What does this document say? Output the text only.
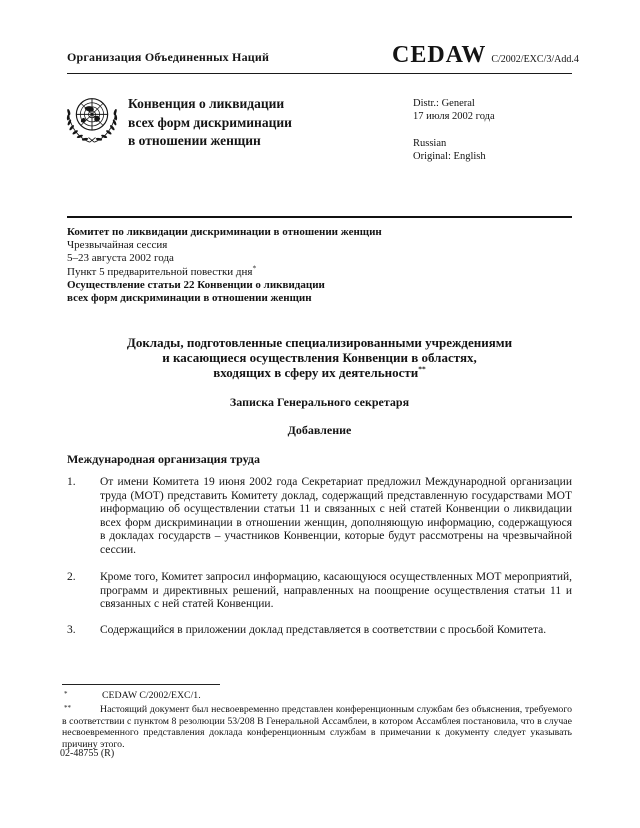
Организация Объединенных Наций	CEDAW C/2002/EXC/3/Add.4
Конвенция о ликвидации
всех форм дискриминации
в отношении женщин
Distr.: General
17 июля 2002 года
Russian
Original: English
Комитет по ликвидации дискриминации в отношении женщин
Чрезвычайная сессия
5–23 августа 2002 года
Пункт 5 предварительной повестки дня*
Осуществление статьи 22 Конвенции о ликвидации
всех форм дискриминации в отношении женщин
Доклады, подготовленные специализированными учреждениями
и касающиеся осуществления Конвенции в областях,
входящих в сферу их деятельности**
Записка Генерального секретаря
Добавление
Международная организация труда
1.	От имени Комитета 19 июня 2002 года Секретариат предложил Международной организации труда (МОТ) представить Комитету доклад, содержащий представленную государствами МОТ информацию об осуществлении статьи 11 и связанных с ней статей Конвенции о ликвидации всех форм дискриминации в отношении женщин, дополняющую информацию, содержащуюся в докладах государств – участников Конвенции, которые будут рассмотрены на чрезвычайной сессии.
2.	Кроме того, Комитет запросил информацию, касающуюся осуществленных МОТ мероприятий, программ и директивных решений, направленных на поощрение осуществления статьи 11 и связанных с ней статей Конвенции.
3.	Содержащийся в приложении доклад представляется в соответствии с просьбой Комитета.
*	CEDAW C/2002/EXC/1.
**	Настоящий документ был несвоевременно представлен конференционным службам без объяснения, требуемого в соответствии с пунктом 8 резолюции 53/208 В Генеральной Ассамблеи, в котором Ассамблея постановила, что в случае несвоевременного представления доклада конференционным службам в примечании к документу следует указывать причину этого.
02-48755 (R)
